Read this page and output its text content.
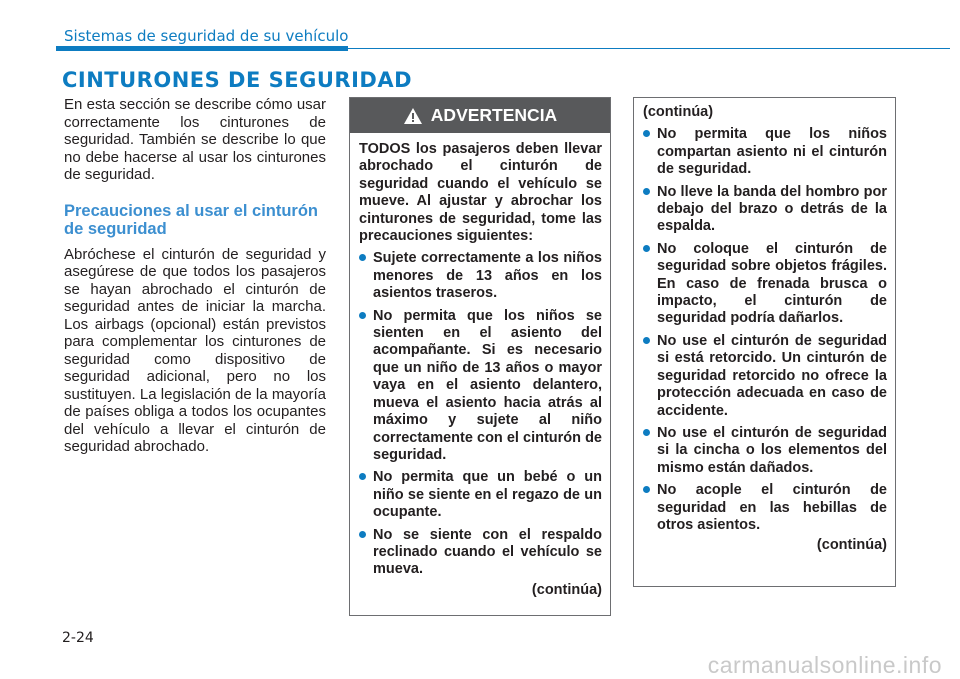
Sistemas de seguridad de su vehículo
CINTURONES DE SEGURIDAD

En esta sección se describe cómo usar correctamente los cinturones de seguridad. También se describe lo que no debe hacerse al usar los cinturones de seguridad.

Precauciones al usar el cinturón de seguridad

Abróchese el cinturón de seguridad y asegúrese de que todos los pasajeros se hayan abrochado el cinturón de seguridad antes de iniciar la marcha. Los airbags (opcional) están previstos para complementar los cinturones de seguridad como dispositivo de seguridad adicional, pero no los sustituyen. La legislación de la mayoría de países obliga a todos los ocupantes del vehículo a llevar el cinturón de seguridad abrochado.

ADVERTENCIA

TODOS los pasajeros deben llevar abrochado el cinturón de seguridad cuando el vehículo se mueve. Al ajustar y abrochar los cinturones de seguridad, tome las precauciones siguientes:

Sujete correctamente a los niños menores de 13 años en los asientos traseros.
No permita que los niños se sienten en el asiento del acompañante. Si es necesario que un niño de 13 años o mayor vaya en el asiento delantero, mueva el asiento hacia atrás al máximo y sujete al niño correctamente con el cinturón de seguridad.
No permita que un bebé o un niño se siente en el regazo de un ocupante.
No se siente con el respaldo reclinado cuando el vehículo se mueva.
(continúa)

(continúa)

No permita que los niños compartan asiento ni el cinturón de seguridad.
No lleve la banda del hombro por debajo del brazo o detrás de la espalda.
No coloque el cinturón de seguridad sobre objetos frágiles. En caso de frenada brusca o impacto, el cinturón de seguridad podría dañarlos.
No use el cinturón de seguridad si está retorcido. Un cinturón de seguridad retorcido no ofrece la protección adecuada en caso de accidente.
No use el cinturón de seguridad si la cincha o los elementos del mismo están dañados.
No acople el cinturón de seguridad en las hebillas de otros asientos.
(continúa)
2-24
carmanualsonline.info
